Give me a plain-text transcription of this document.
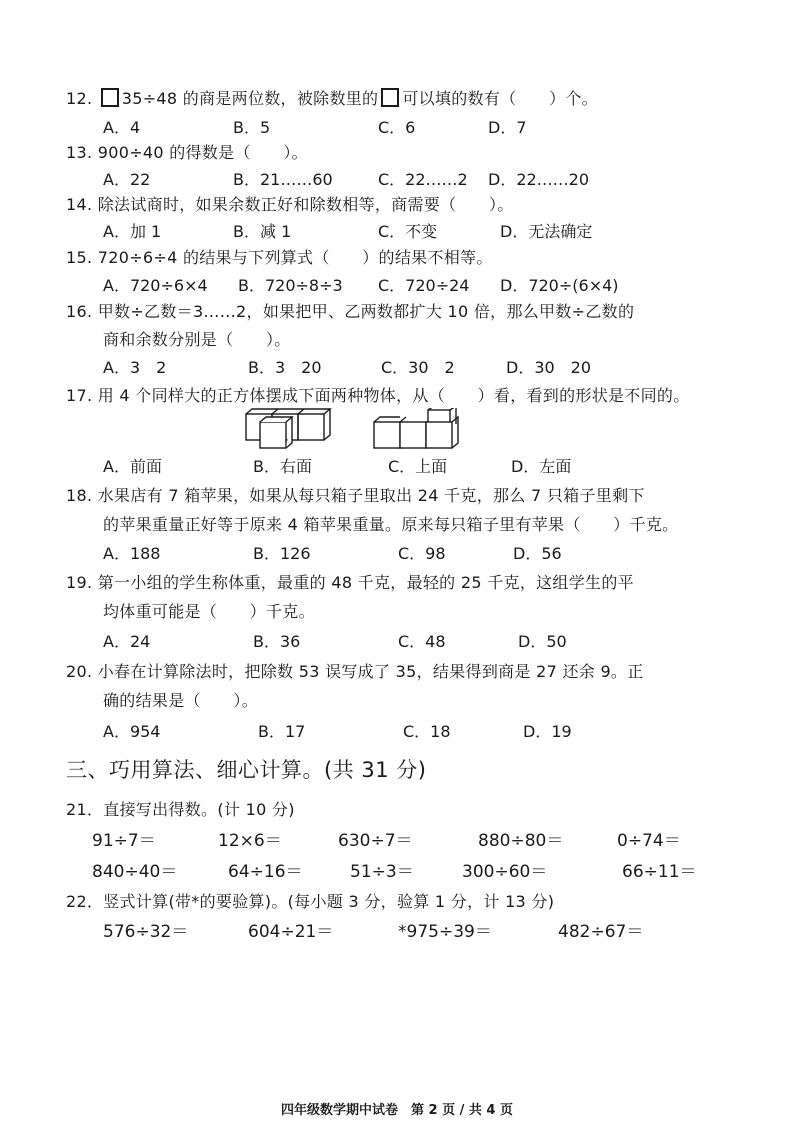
12. 35÷48 的商是两位数，被除数里的 可以填的数有（　　）个。
A．4	B．5	C．6	D．7
13. 900÷40 的得数是（　　）。
A．22	B．21……60	C．22……2 D．22……20
14. 除法试商时，如果余数正好和除数相等，商需要（　　）。
A．加 1	B．减 1	C．不变	D．无法确定
15. 720÷6÷4 的结果与下列算式（　　）的结果不相等。
A．720÷6×4 B．720÷8÷3 C．720÷24 D．720÷(6×4)
16. 甲数÷乙数＝3……2，如果把甲、乙两数都扩大 10 倍，那么甲数÷乙数的
商和余数分别是（　　）。
A．3　2	B．3　20	C．30　2	D．30　20
17. 用 4 个同样大的正方体摆成下面两种物体，从（　　）看，看到的形状是不同的。
A．前面	B．右面	C．上面	D．左面
18. 水果店有 7 箱苹果，如果从每只箱子里取出 24 千克，那么 7 只箱子里剩下
的苹果重量正好等于原来 4 箱苹果重量。原来每只箱子里有苹果（　　）千克。
A．188	B．126	C．98	D．56
19. 第一小组的学生称体重，最重的 48 千克，最轻的 25 千克，这组学生的平
均体重可能是（　　）千克。
A．24	B．36	C．48	D．50
20. 小春在计算除法时，把除数 53 误写成了 35，结果得到商是 27 还余 9。正
确的结果是（　　）。
A．954	B．17	C．18	D．19
三、巧用算法、细心计算。(共 31 分)
21．直接写出得数。(计 10 分)
91÷7＝	12×6＝	630÷7＝	880÷80＝	0÷74＝
840÷40＝	64÷16＝	51÷3＝	300÷60＝	66÷11＝
22．竖式计算(带*的要验算)。(每小题 3 分，验算 1 分，计 13 分)
576÷32＝	604÷21＝	*975÷39＝	482÷67＝
四年级数学期中试卷　第 2 页 / 共 4 页
